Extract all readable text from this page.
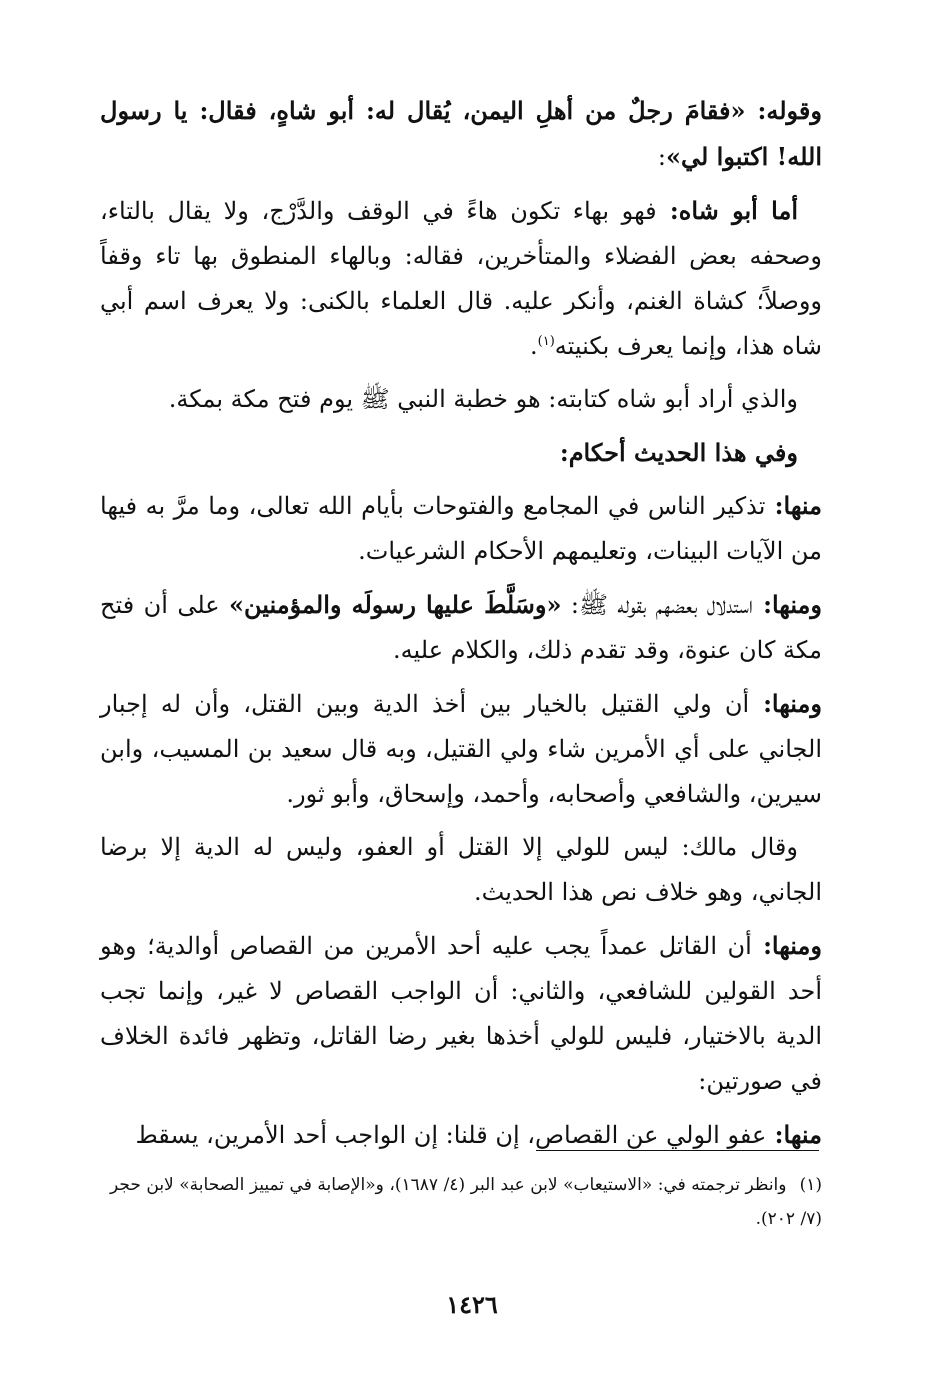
وقوله: «فقامَ رجلٌ من أهلِ اليمن، يُقال له: أبو شاهٍ، فقال: يا رسول الله! اكتبوا لي»:

أما أبو شاه: فهو بهاء تكون هاءً في الوقف والدَّرْج، ولا يقال بالتاء، وصحفه بعض الفضلاء والمتأخرين، فقاله: وبالهاء المنطوق بها تاء وقفاً ووصلاً؛ كشاة الغنم، وأنكر عليه. قال العلماء بالكنى: ولا يعرف اسم أبي شاه هذا، وإنما يعرف بكنيته$^{(١)}$.

والذي أراد أبو شاه كتابته: هو خطبة النبي ﷺ يوم فتح مكة بمكة.

وفي هذا الحديث أحكام:

منها: تذكير الناس في المجامع والفتوحات بأيام الله تعالى، وما مرَّ به فيها من الآيات البينات، وتعليمهم الأحكام الشرعيات.

ومنها: استدلال بعضهم بقوله ﷺ: «وسَلَّطَ عليها رسولَه والمؤمنين» على أن فتح مكة كان عنوة، وقد تقدم ذلك، والكلام عليه.

ومنها: أن ولي القتيل بالخيار بين أخذ الدية وبين القتل، وأن له إجبار الجاني على أي الأمرين شاء ولي القتيل، وبه قال سعيد بن المسيب، وابن سيرين، والشافعي وأصحابه، وأحمد، وإسحاق، وأبو ثور.

وقال مالك: ليس للولي إلا القتل أو العفو، وليس له الدية إلا برضا الجاني، وهو خلاف نص هذا الحديث.

ومنها: أن القاتل عمداً يجب عليه أحد الأمرين من القصاص أوالدية؛ وهو أحد القولين للشافعي، والثاني: أن الواجب القصاص لا غير، وإنما تجب الدية بالاختيار، فليس للولي أخذها بغير رضا القاتل، وتظهر فائدة الخلاف في صورتين:

منها: عفو الولي عن القصاص، إن قلنا: إن الواجب أحد الأمرين، يسقط

(١) وانظر ترجمته في: «الاستيعاب» لابن عبد البر (٤/ ١٦٨٧)، و«الإصابة في تمييز الصحابة» لابن حجر (٧/ ٢٠٢).
١٤٢٦
